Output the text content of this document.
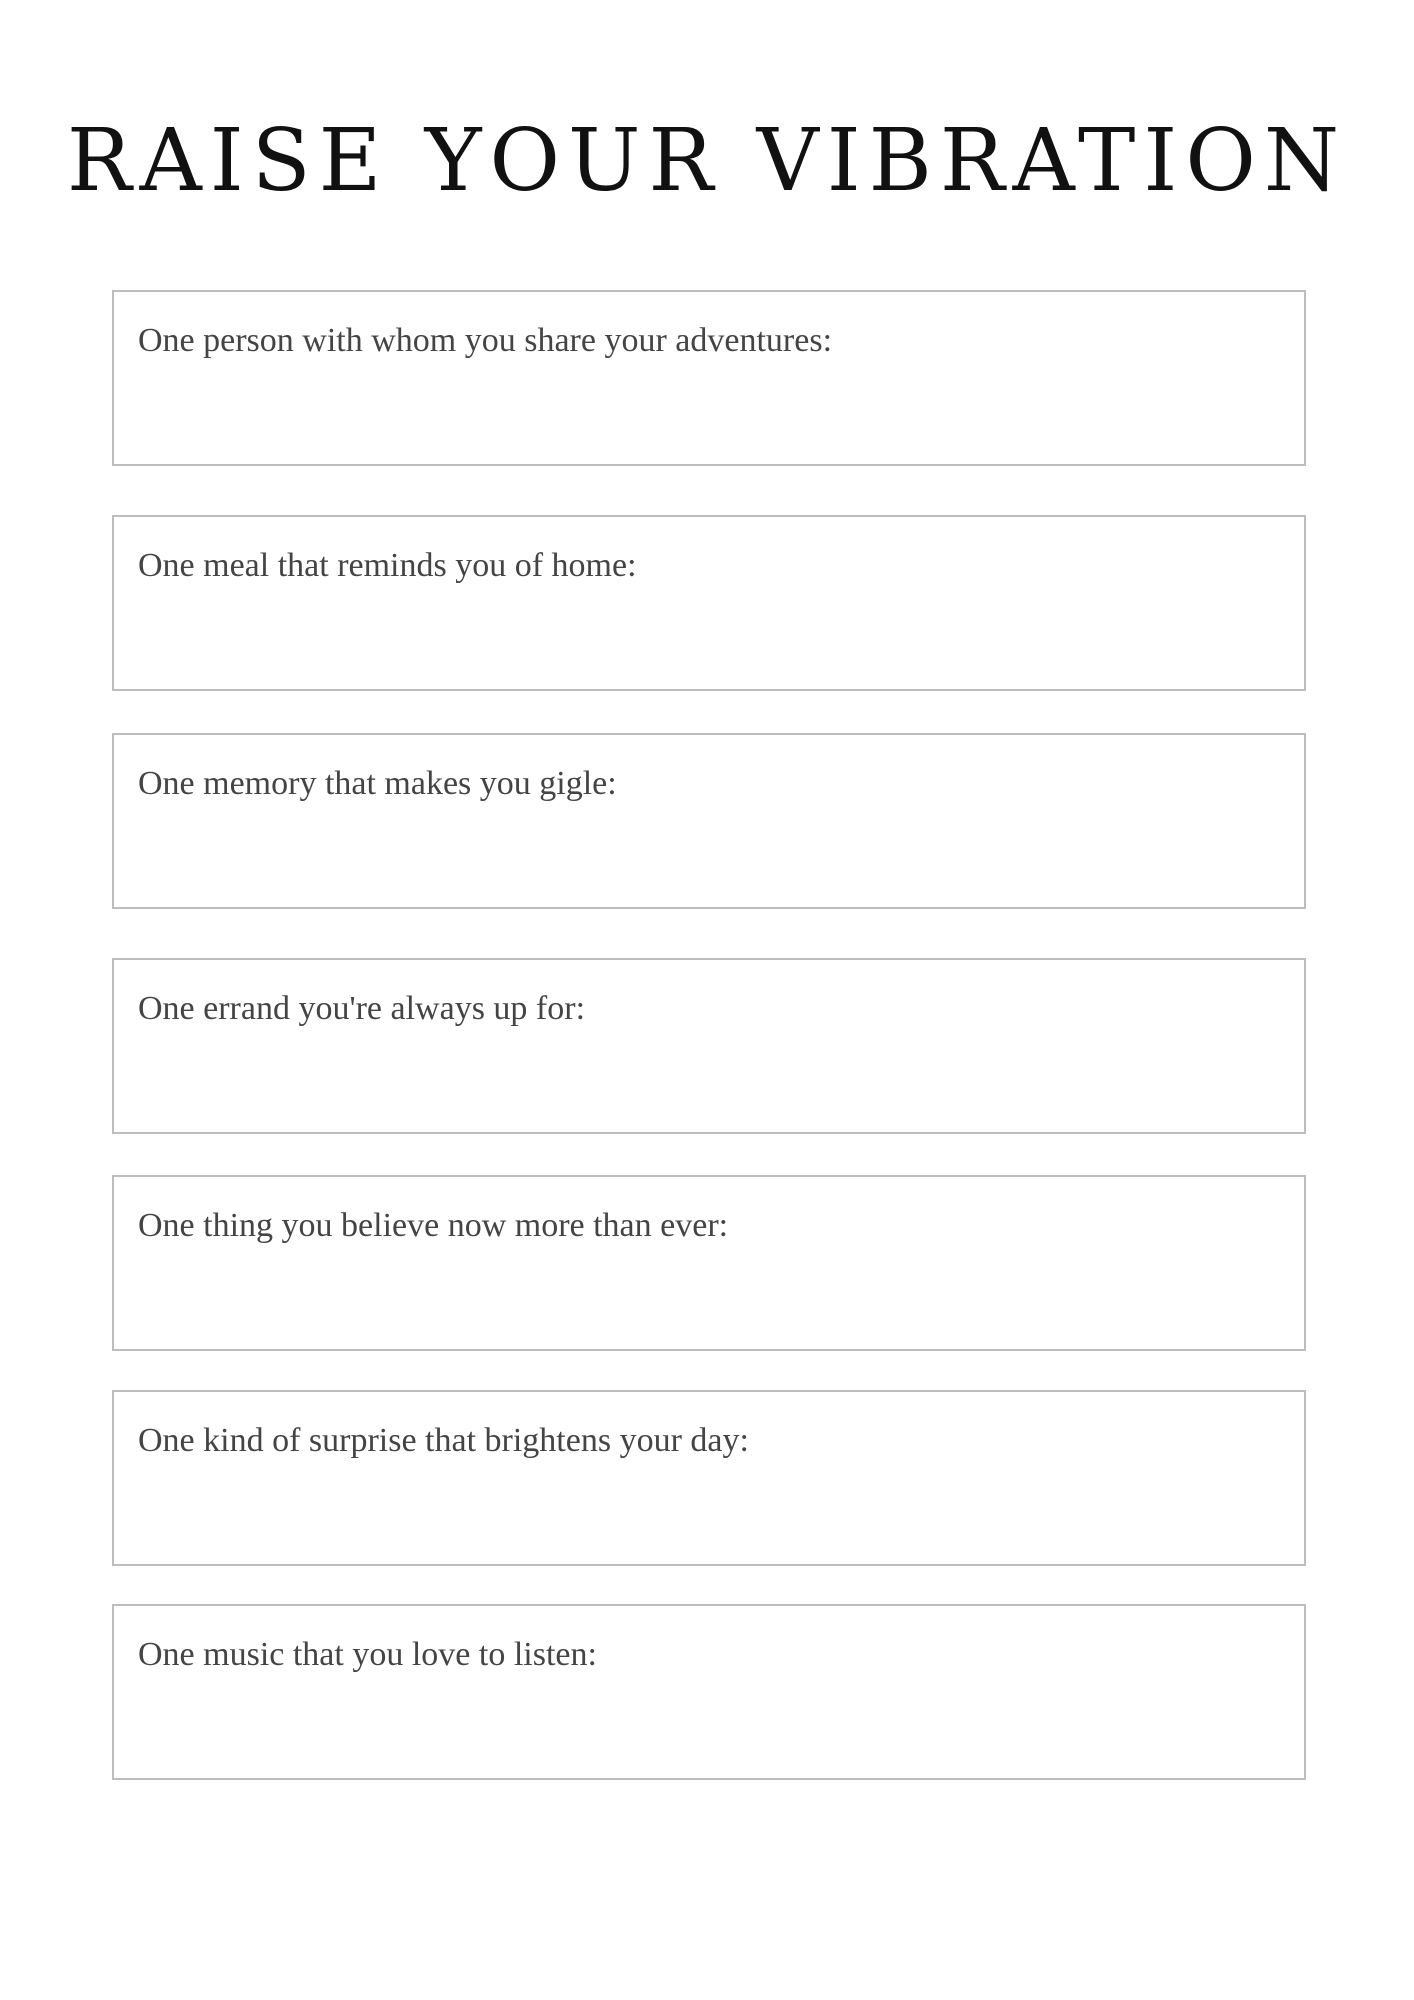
RAISE YOUR VIBRATION
One person with whom you share your adventures:
One meal that reminds you of home:
One memory that makes you gigle:
One errand you're always up for:
One thing you believe now more than ever:
One kind of surprise that brightens your day:
One music that you love to listen:
